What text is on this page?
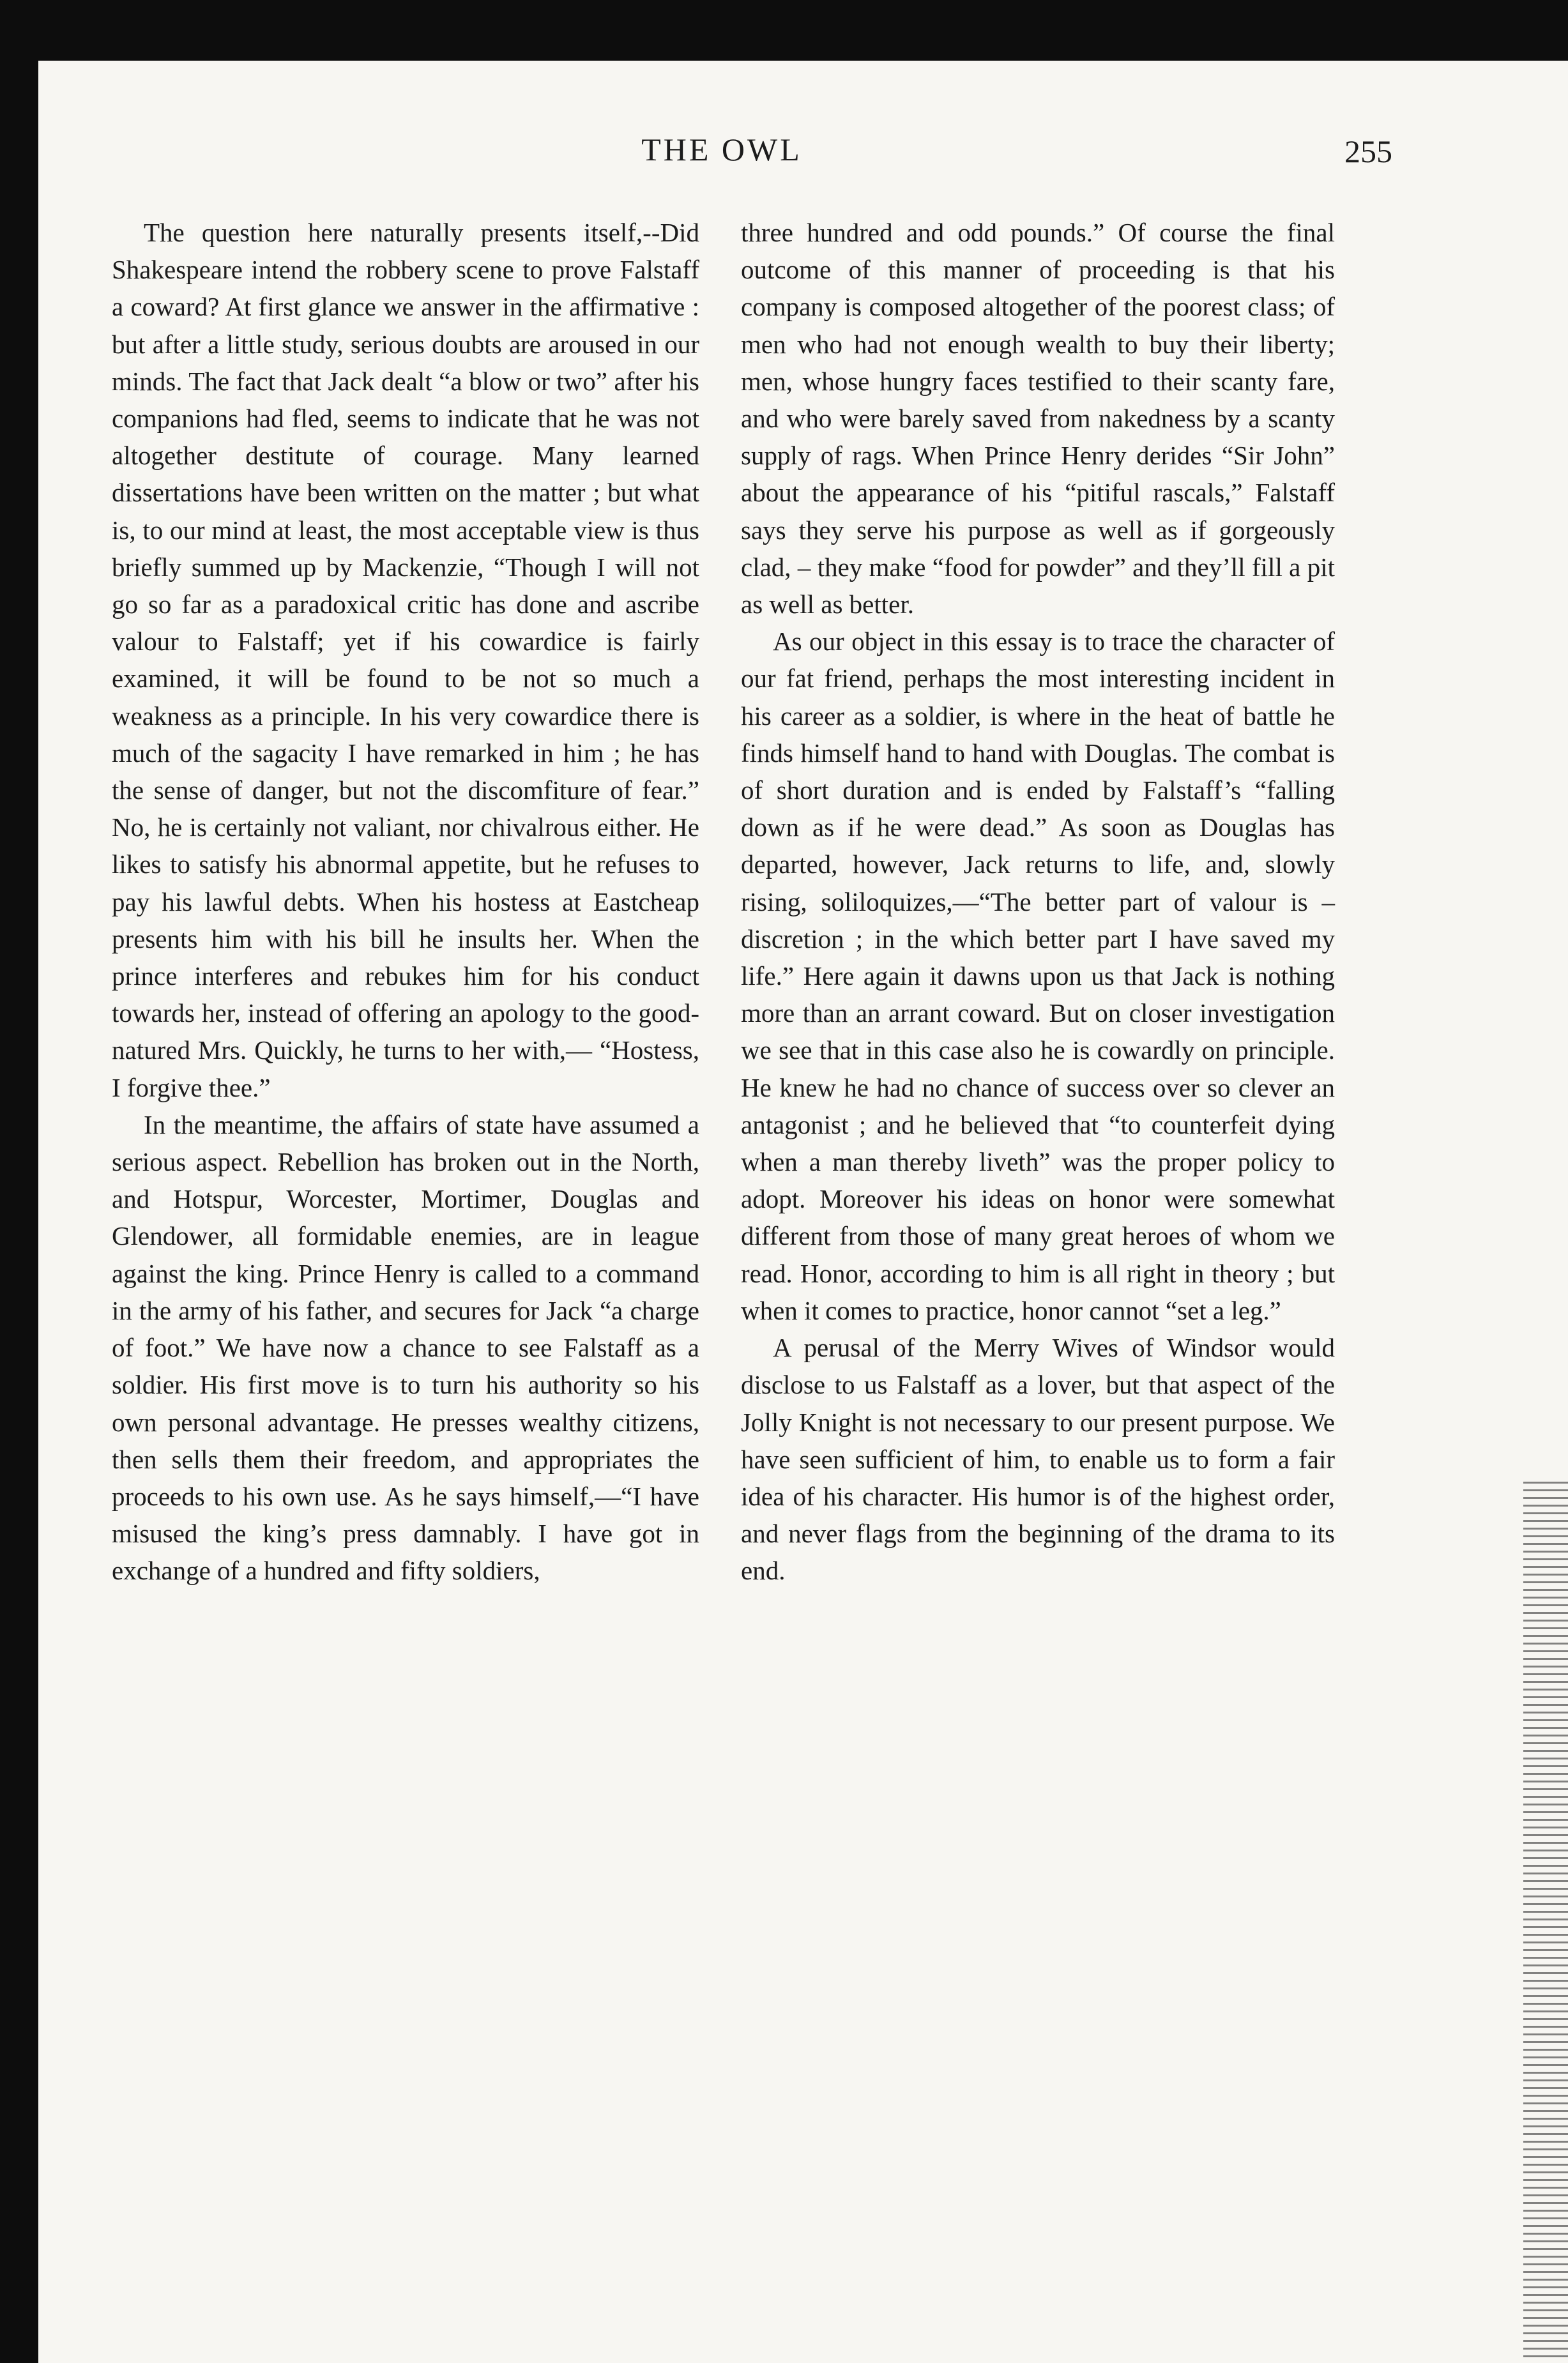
THE OWL	255

The question here naturally presents itself,--Did Shakespeare intend the robbery scene to prove Falstaff a coward? At first glance we answer in the affirmative : but after a little study, serious doubts are aroused in our minds. The fact that Jack dealt “a blow or two” after his companions had fled, seems to indicate that he was not altogether destitute of courage. Many learned dissertations have been written on the matter ; but what is, to our mind at least, the most acceptable view is thus briefly summed up by Mackenzie, “Though I will not go so far as a paradoxical critic has done and ascribe valour to Falstaff; yet if his cowardice is fairly examined, it will be found to be not so much a weakness as a principle. In his very cowardice there is much of the sagacity I have remarked in him ; he has the sense of danger, but not the discomfiture of fear.” No, he is certainly not valiant, nor chivalrous either. He likes to satisfy his abnormal appetite, but he refuses to pay his lawful debts. When his hostess at Eastcheap presents him with his bill he insults her. When the prince interferes and rebukes him for his conduct towards her, instead of offering an apology to the good-natured Mrs. Quickly, he turns to her with,— “Hostess, I forgive thee.”

In the meantime, the affairs of state have assumed a serious aspect. Rebellion has broken out in the North, and Hotspur, Worcester, Mortimer, Douglas and Glendower, all formidable enemies, are in league against the king. Prince Henry is called to a command in the army of his father, and secures for Jack “a charge of foot.” We have now a chance to see Falstaff as a soldier. His first move is to turn his authority so his own personal advantage. He presses wealthy citizens, then sells them their freedom, and appropriates the proceeds to his own use. As he says himself,—“I have misused the king’s press damnably. I have got in exchange of a hundred and fifty soldiers,

three hundred and odd pounds.” Of course the final outcome of this manner of proceeding is that his company is composed altogether of the poorest class; of men who had not enough wealth to buy their liberty; men, whose hungry faces testified to their scanty fare, and who were barely saved from nakedness by a scanty supply of rags. When Prince Henry derides “Sir John” about the appearance of his “pitiful rascals,” Falstaff says they serve his purpose as well as if gorgeously clad, – they make “food for powder” and they’ll fill a pit as well as better.

As our object in this essay is to trace the character of our fat friend, perhaps the most interesting incident in his career as a soldier, is where in the heat of battle he finds himself hand to hand with Douglas. The combat is of short duration and is ended by Falstaff’s “falling down as if he were dead.” As soon as Douglas has departed, however, Jack returns to life, and, slowly rising, soliloquizes,—“The better part of valour is – discretion ; in the which better part I have saved my life.” Here again it dawns upon us that Jack is nothing more than an arrant coward. But on closer investigation we see that in this case also he is cowardly on principle. He knew he had no chance of success over so clever an antagonist ; and he believed that “to counterfeit dying when a man thereby liveth” was the proper policy to adopt. Moreover his ideas on honor were somewhat different from those of many great heroes of whom we read. Honor, according to him is all right in theory ; but when it comes to practice, honor cannot “set a leg.”

A perusal of the Merry Wives of Windsor would disclose to us Falstaff as a lover, but that aspect of the Jolly Knight is not necessary to our present purpose. We have seen sufficient of him, to enable us to form a fair idea of his character. His humor is of the highest order, and never flags from the beginning of the drama to its end.
